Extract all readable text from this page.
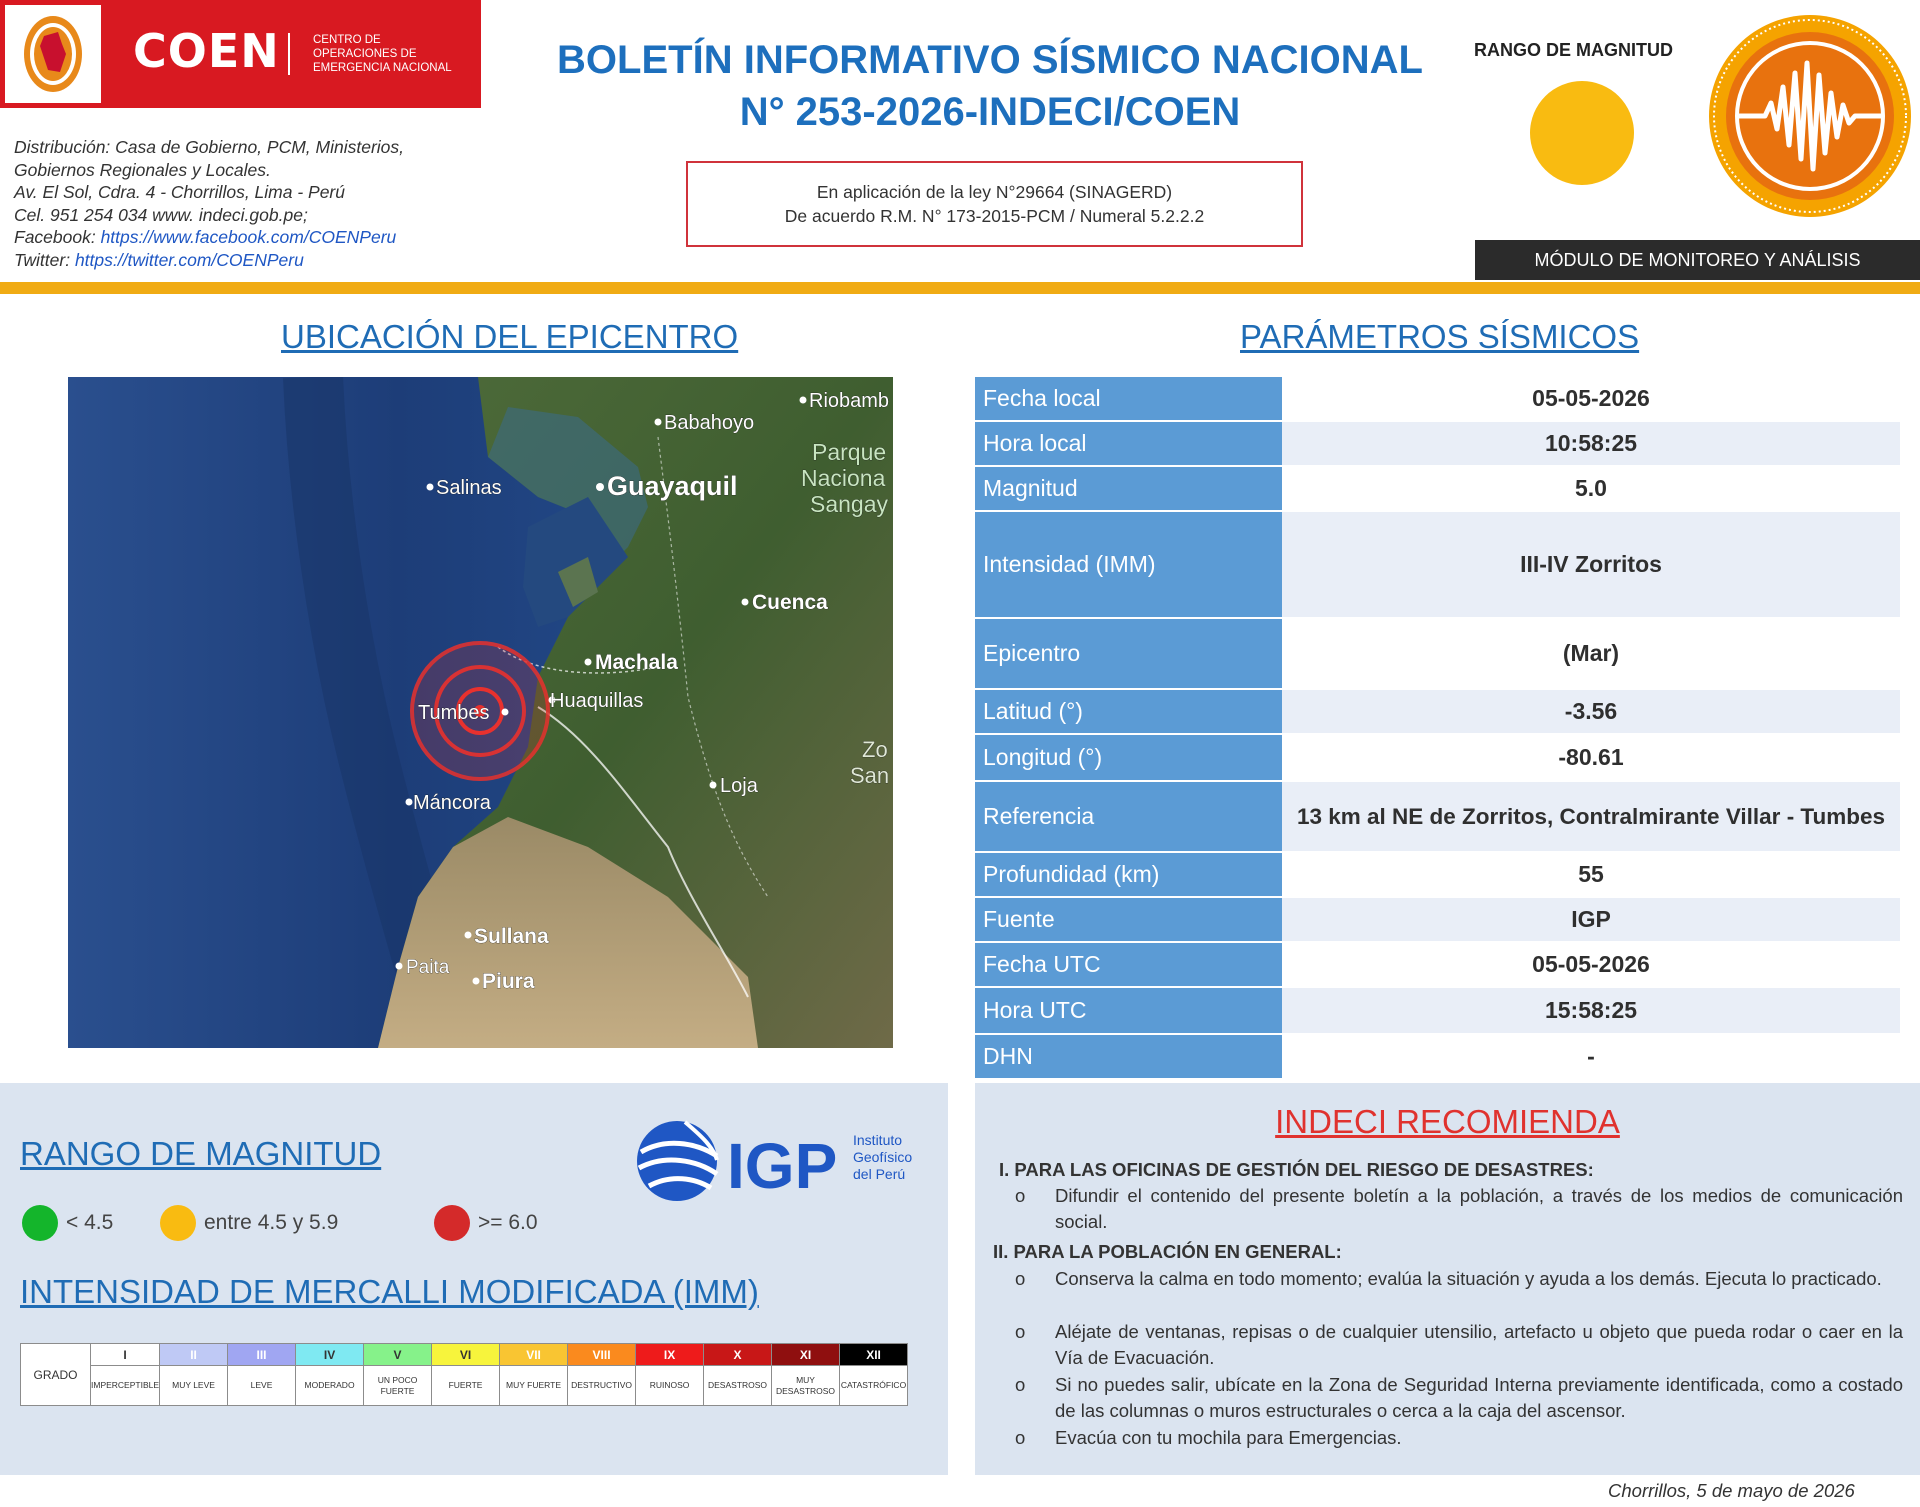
COEN	CENTRO DE
OPERACIONES DE
EMERGENCIA NACIONAL
Distribución: Casa de Gobierno, PCM, Ministerios,
Gobiernos Regionales y Locales.
Av. El Sol, Cdra. 4 - Chorrillos, Lima - Perú
Cel. 951 254 034 www. indeci.gob.pe;
Facebook: https://www.facebook.com/COENPeru
Twitter: https://twitter.com/COENPeru
BOLETÍN INFORMATIVO SÍSMICO NACIONAL
N° 253-2026-INDECI/COEN
En aplicación de la ley N°29664 (SINAGERD)
De acuerdo R.M. N° 173-2015-PCM / Numeral 5.2.2.2
RANGO DE MAGNITUD
MÓDULO DE MONITOREO Y ANÁLISIS
UBICACIÓN DEL EPICENTRO
Riobamb
Babahoyo
Salinas	Guayaquil
Parque
Naciona
Sangay
Cuenca
Machala
Huaquillas
Tumbes
Zo
San
Loja
Máncora
Sullana
Paita
Piura
PARÁMETROS SÍSMICOS
Fecha local	05-05-2026
Hora local	10:58:25
Magnitud	5.0
Intensidad (IMM)	III-IV Zorritos
Epicentro	(Mar)
Latitud (°)	-3.56
Longitud (°)	-80.61
Referencia	13 km al NE de Zorritos, Contralmirante Villar - Tumbes
Profundidad (km)	55
Fuente	IGP
Fecha UTC	05-05-2026
Hora UTC	15:58:25
DHN	-
RANGO DE MAGNITUD	IGP Instituto
Geofísico
del Perú
< 4.5	entre 4.5 y 5.9	>= 6.0
INTENSIDAD DE MERCALLI MODIFICADA (IMM)
GRADO	I	II	III	IV	V	VI	VII	VIII	IX	X	XI	XII
	IMPERCEPTIBLE	MUY LEVE	LEVE	MODERADO	UN POCO FUERTE	FUERTE	MUY FUERTE	DESTRUCTIVO	RUINOSO	DESASTROSO	MUY DESASTROSO	CATASTRÓFICO
INDECI RECOMIENDA
I. PARA LAS OFICINAS DE GESTIÓN DEL RIESGO DE DESASTRES:
o	Difundir el contenido del presente boletín a la población, a través de los medios de comunicación social.
II. PARA LA POBLACIÓN EN GENERAL:
o	Conserva la calma en todo momento; evalúa la situación y ayuda a los demás. Ejecuta lo practicado.
o	Aléjate de ventanas, repisas o de cualquier utensilio, artefacto u objeto que pueda rodar o caer en la Vía de Evacuación.
o	Si no puedes salir, ubícate en la Zona de Seguridad Interna previamente identificada, como a costado de las columnas o muros estructurales o cerca a la caja del ascensor.
o	Evacúa con tu mochila para Emergencias.
Chorrillos, 5 de mayo de 2026
